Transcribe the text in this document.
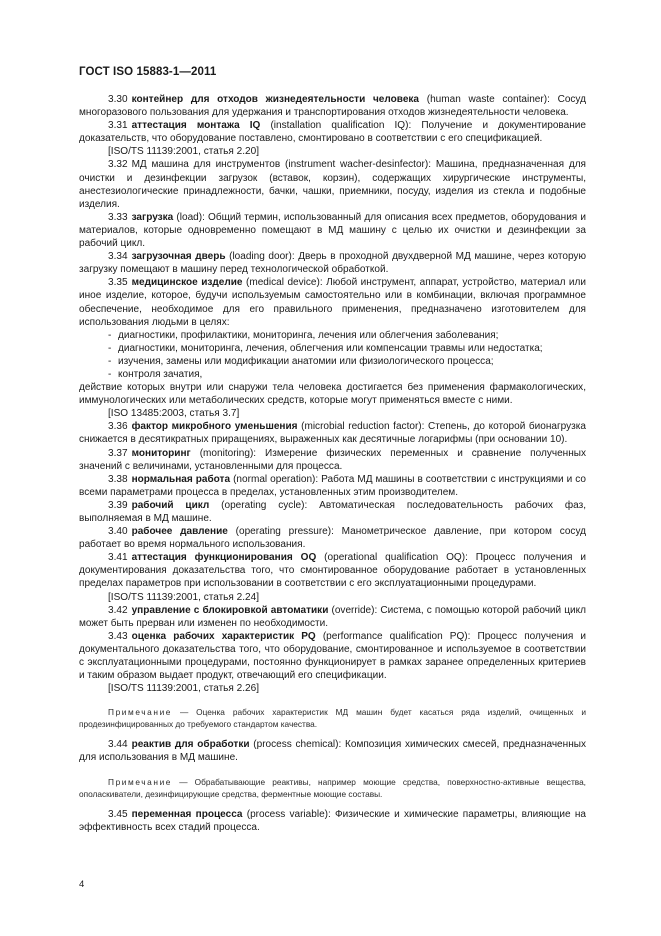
ГОСТ ISO 15883-1—2011

3.30 контейнер для отходов жизнедеятельности человека (human waste container): Сосуд многоразового пользования для удержания и транспортирования отходов жизнедеятельности человека.

3.31 аттестация монтажа IQ (installation qualification IQ): Получение и документирование доказательств, что оборудование поставлено, смонтировано в соответствии с его спецификацией.

[ISO/TS 11139:2001, статья 2.20]

3.32 МД машина для инструментов (instrument wacher-desinfector): Машина, предназначенная для очистки и дезинфекции загрузок (вставок, корзин), содержащих хирургические инструменты, анестезиологические принадлежности, бачки, чашки, приемники, посуду, изделия из стекла и подобные изделия.

3.33 загрузка (load): Общий термин, использованный для описания всех предметов, оборудования и материалов, которые одновременно помещают в МД машину с целью их очистки и дезинфекции за рабочий цикл.

3.34 загрузочная дверь (loading door): Дверь в проходной двухдверной МД машине, через которую загрузку помещают в машину перед технологической обработкой.

3.35 медицинское изделие (medical device): Любой инструмент, аппарат, устройство, материал или иное изделие, которое, будучи используемым самостоятельно или в комбинации, включая программное обеспечение, необходимое для его правильного применения, предназначено изготовителем для использования людьми в целях:

- диагностики, профилактики, мониторинга, лечения или облегчения заболевания;

- диагностики, мониторинга, лечения, облегчения или компенсации травмы или недостатка;

- изучения, замены или модификации анатомии или физиологического процесса;

- контроля зачатия,

действие которых внутри или снаружи тела человека достигается без применения фармакологических, иммунологических или метаболических средств, которые могут применяться вместе с ними.

[ISO 13485:2003, статья 3.7]

3.36 фактор микробного уменьшения (microbial reduction factor): Степень, до которой бионагрузка снижается в десятикратных приращениях, выраженных как десятичные логарифмы (при основании 10).

3.37 мониторинг (monitoring): Измерение физических переменных и сравнение полученных значений с величинами, установленными для процесса.

3.38 нормальная работа (normal operation): Работа МД машины в соответствии с инструкциями и со всеми параметрами процесса в пределах, установленных этим производителем.

3.39 рабочий цикл (operating cycle): Автоматическая последовательность рабочих фаз, выполняемая в МД машине.

3.40 рабочее давление (operating pressure): Манометрическое давление, при котором сосуд работает во время нормального использования.

3.41 аттестация функционирования OQ (operational qualification OQ): Процесс получения и документирования доказательства того, что смонтированное оборудование работает в установленных пределах параметров при использовании в соответствии с его эксплуатационными процедурами.

[ISO/TS 11139:2001, статья 2.24]

3.42 управление с блокировкой автоматики (override): Система, с помощью которой рабочий цикл может быть прерван или изменен по необходимости.

3.43 оценка рабочих характеристик PQ (performance qualification PQ): Процесс получения и документального доказательства того, что оборудование, смонтированное и используемое в соответствии с эксплуатационными процедурами, постоянно функционирует в рамках заранее определенных критериев и таким образом выдает продукт, отвечающий его спецификации.

[ISO/TS 11139:2001, статья 2.26]

Примечание — Оценка рабочих характеристик МД машин будет касаться ряда изделий, очищенных и продезинфицированных до требуемого стандартом качества.

3.44 реактив для обработки (process chemical): Композиция химических смесей, предназначенных для использования в МД машине.

Примечание — Обрабатывающие реактивы, например моющие средства, поверхностно-активные вещества, ополаскиватели, дезинфицирующие средства, ферментные моющие составы.

3.45 переменная процесса (process variable): Физические и химические параметры, влияющие на эффективность всех стадий процесса.

4
